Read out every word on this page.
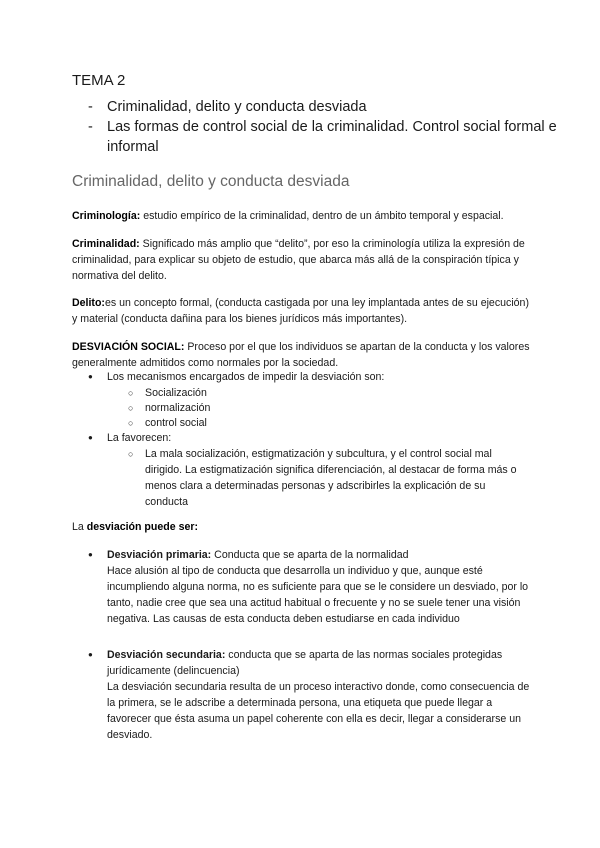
TEMA 2
- Criminalidad, delito y conducta desviada
- Las formas de control social de la criminalidad. Control social formal e informal
Criminalidad, delito y conducta desviada

Criminología: estudio empírico de la criminalidad, dentro de un ámbito temporal y espacial.

Criminalidad: Significado más amplio que “delito”, por eso la criminología utiliza la expresión de criminalidad, para explicar su objeto de estudio, que abarca más allá de la conspiración típica y normativa del delito.

Delito:es un concepto formal, (conducta castigada por una ley implantada antes de su ejecución) y material (conducta dañina para los bienes jurídicos más importantes).

DESVIACIÓN SOCIAL: Proceso por el que los individuos se apartan de la conducta y los valores generalmente admitidos como normales por la sociedad.

●	Los mecanismos encargados de impedir la desviación son:
○ Socialización
○ normalización
○ control social
●	La favorecen:
○ La mala socialización, estigmatización y subcultura, y el control social mal dirigido. La estigmatización significa diferenciación, al destacar de forma más o menos clara a determinadas personas y adscribirles la explicación de su conducta

La desviación puede ser:

● Desviación primaria: Conducta que se aparta de la normalidad
Hace alusión al tipo de conducta que desarrolla un individuo y que, aunque esté incumpliendo alguna norma, no es suficiente para que se le considere un desviado, por lo tanto, nadie cree que sea una actitud habitual o frecuente y no se suele tener una visión negativa. Las causas de esta conducta deben estudiarse en cada individuo
● Desviación secundaria: conducta que se aparta de las normas sociales protegidas jurídicamente (delincuencia)
La desviación secundaria resulta de un proceso interactivo donde, como consecuencia de la primera, se le adscribe a determinada persona, una etiqueta que puede llegar a favorecer que ésta asuma un papel coherente con ella es decir, llegar a considerarse un desviado.
